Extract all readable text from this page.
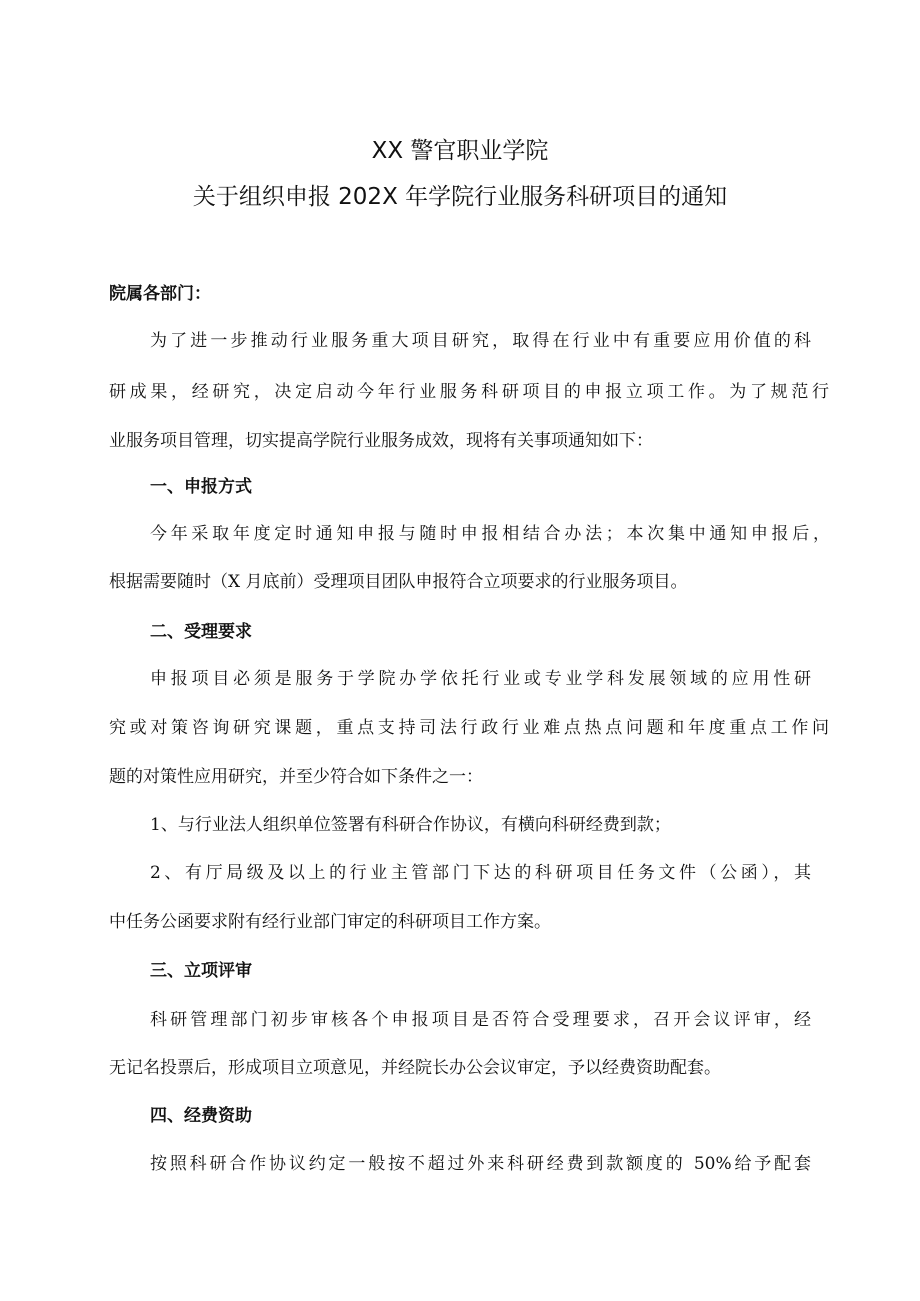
XX 警官职业学院
关于组织申报 202X 年学院行业服务科研项目的通知
院属各部门：
为了进一步推动行业服务重大项目研究，取得在行业中有重要应用价值的科
研成果，经研究，决定启动今年行业服务科研项目的申报立项工作。为了规范行
业服务项目管理，切实提高学院行业服务成效，现将有关事项通知如下：
一、申报方式
今年采取年度定时通知申报与随时申报相结合办法；本次集中通知申报后，
根据需要随时（X 月底前）受理项目团队申报符合立项要求的行业服务项目。
二、受理要求
申报项目必须是服务于学院办学依托行业或专业学科发展领域的应用性研
究或对策咨询研究课题，重点支持司法行政行业难点热点问题和年度重点工作问
题的对策性应用研究，并至少符合如下条件之一：
1、与行业法人组织单位签署有科研合作协议，有横向科研经费到款；
2、有厅局级及以上的行业主管部门下达的科研项目任务文件（公函），其
中任务公函要求附有经行业部门审定的科研项目工作方案。
三、立项评审
科研管理部门初步审核各个申报项目是否符合受理要求，召开会议评审，经
无记名投票后，形成项目立项意见，并经院长办公会议审定，予以经费资助配套。
四、经费资助
按照科研合作协议约定一般按不超过外来科研经费到款额度的 50%给予配套
